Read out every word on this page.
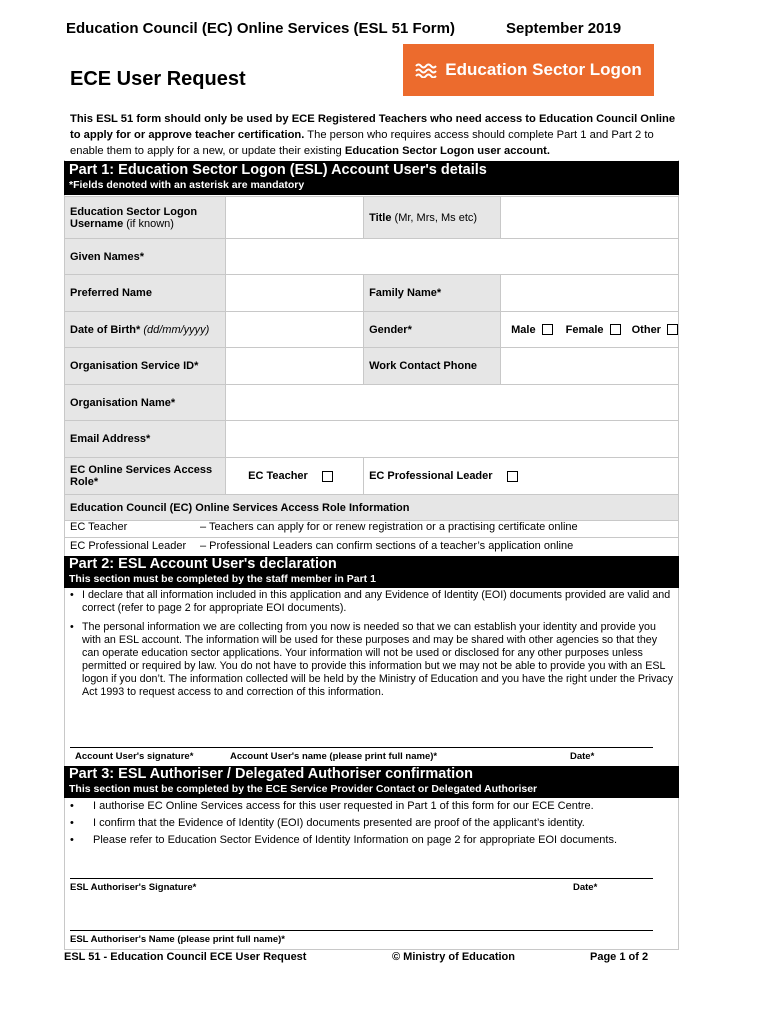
Education Council (EC) Online Services (ESL 51 Form)	September 2019
Education Sector Logon
ECE User Request
This ESL 51 form should only be used by ECE Registered Teachers who need access to Education Council Online to apply for or approve teacher certification. The person who requires access should complete Part 1 and Part 2 to enable them to apply for a new, or update their existing Education Sector Logon user account.
Part 1: Education Sector Logon (ESL) Account User's details
*Fields denoted with an asterisk are mandatory
Education Sector Logon Username (if known)		Title (Mr, Mrs, Ms etc)	
Given Names*			
Preferred Name		Family Name*	
Date of Birth* (dd/mm/yyyy)		Gender*	Male Female Other
Organisation Service ID*		Work Contact Phone	
Organisation Name*			
Email Address*			
EC Online Services Access Role*	EC Teacher	EC Professional Leader	
Education Council (EC) Online Services Access Role Information			
EC Teacher	– Teachers can apply for or renew registration or a practising certificate online
EC Professional Leader – Professional Leaders can confirm sections of a teacher’s application online
Part 2: ESL Account User's declaration
This section must be completed by the staff member in Part 1
• I declare that all information included in this application and any Evidence of Identity (EOI) documents provided are valid and correct (refer to page 2 for appropriate EOI documents).
• The personal information we are collecting from you now is needed so that we can establish your identity and provide you with an ESL account. The information will be used for these purposes and may be shared with other agencies so that they can operate education sector applications. Your information will not be used or disclosed for any other purposes unless permitted or required by law. You do not have to provide this information but we may not be able to provide you with an ESL logon if you don’t. The information collected will be held by the Ministry of Education and you have the right under the Privacy Act 1993 to request access to and correction of this information.
Account User's signature*	Account User's name (please print full name)*	Date*
Part 3: ESL Authoriser / Delegated Authoriser confirmation
This section must be completed by the ECE Service Provider Contact or Delegated Authoriser
• I authorise EC Online Services access for this user requested in Part 1 of this form for our ECE Centre.
• I confirm that the Evidence of Identity (EOI) documents presented are proof of the applicant’s identity.
• Please refer to Education Sector Evidence of Identity Information on page 2 for appropriate EOI documents.
ESL Authoriser's Signature*	Date*
ESL Authoriser's Name (please print full name)*
ESL 51 - Education Council ECE User Request	© Ministry of Education	Page 1 of 2
